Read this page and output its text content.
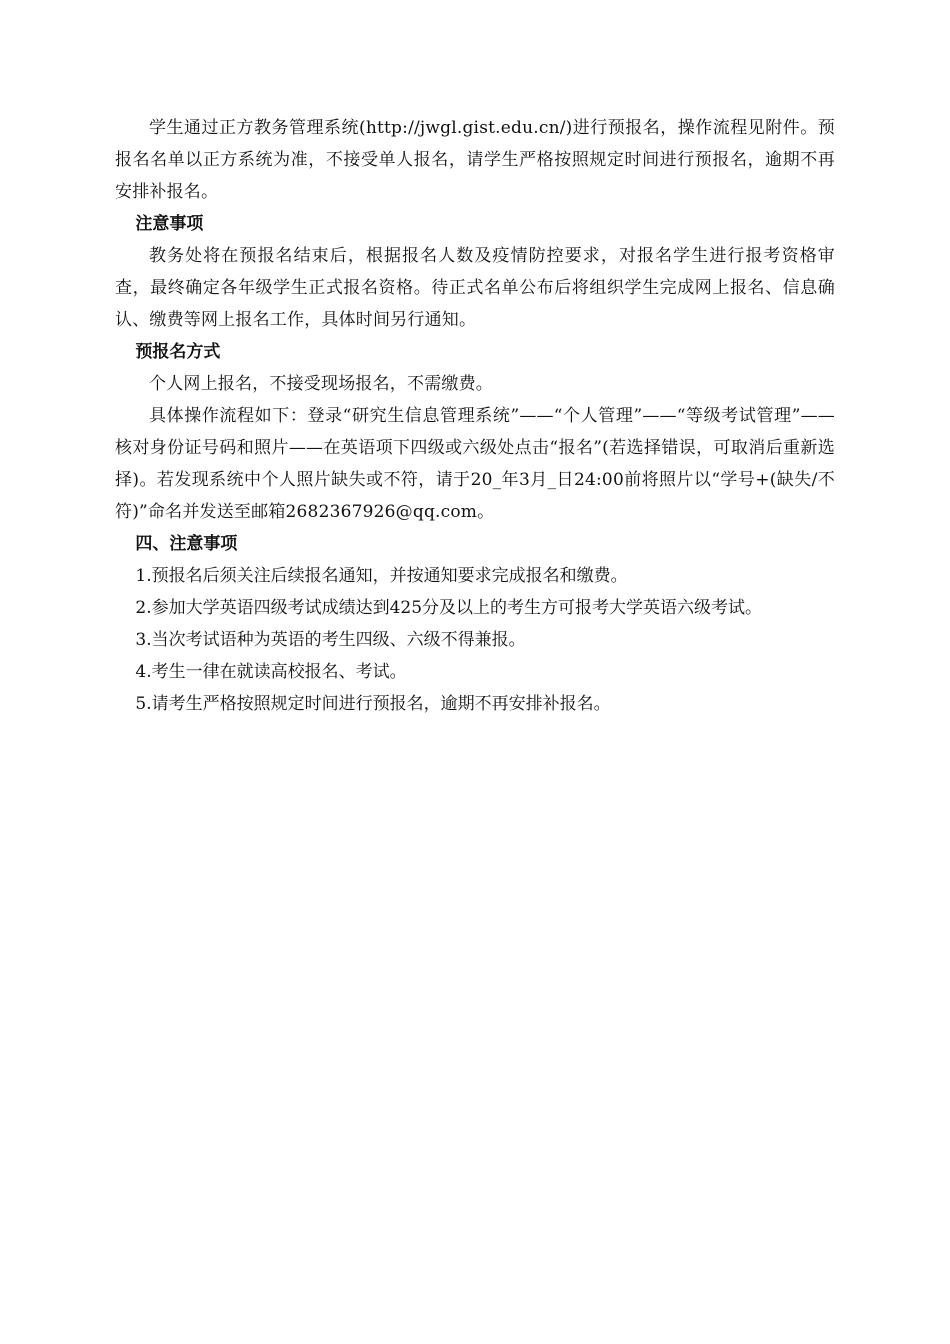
学生通过正方教务管理系统(http://jwgl.gist.edu.cn/)进行预报名，操作流程见附件。预报名名单以正方系统为准，不接受单人报名，请学生严格按照规定时间进行预报名，逾期不再安排补报名。

注意事项

教务处将在预报名结束后，根据报名人数及疫情防控要求，对报名学生进行报考资格审查，最终确定各年级学生正式报名资格。待正式名单公布后将组织学生完成网上报名、信息确认、缴费等网上报名工作，具体时间另行通知。

预报名方式

个人网上报名，不接受现场报名，不需缴费。

具体操作流程如下：登录“研究生信息管理系统”——“个人管理”——“等级考试管理”——核对身份证号码和照片——在英语项下四级或六级处点击“报名”(若选择错误，可取消后重新选择)。若发现系统中个人照片缺失或不符，请于20_年3月_日24:00前将照片以“学号+(缺失/不符)”命名并发送至邮箱2682367926@qq.com。

四、注意事项

1.预报名后须关注后续报名通知，并按通知要求完成报名和缴费。

2.参加大学英语四级考试成绩达到425分及以上的考生方可报考大学英语六级考试。

3.当次考试语种为英语的考生四级、六级不得兼报。

4.考生一律在就读高校报名、考试。

5.请考生严格按照规定时间进行预报名，逾期不再安排补报名。
